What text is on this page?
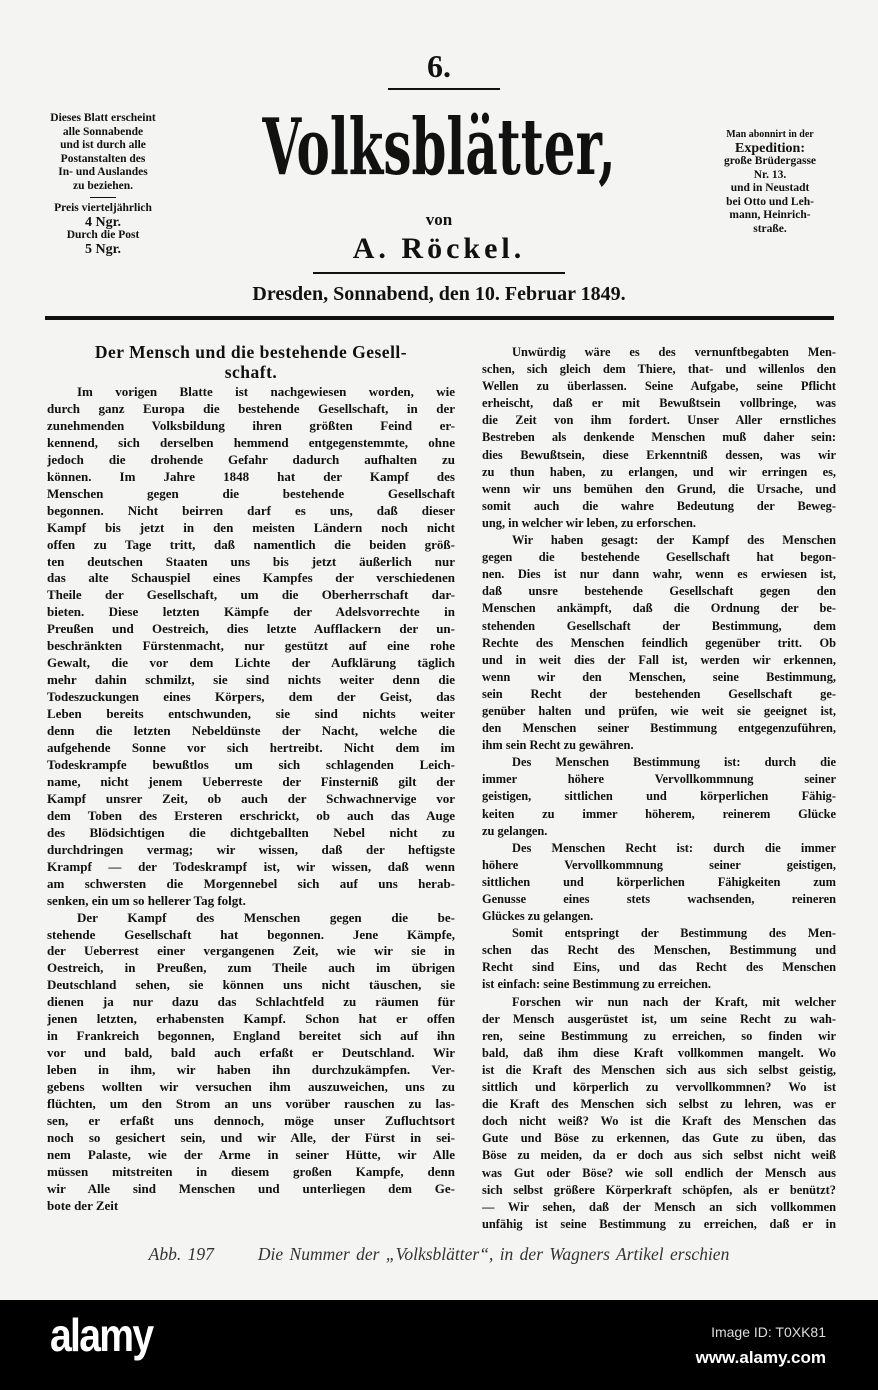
6.
Volksblätter,
von
A. Röckel.
Dresden, Sonnabend, den 10. Februar 1849.
Dieses Blatt erscheint
alle Sonnabende
und ist durch alle
Postanstalten des
In- und Auslandes
zu beziehen.
Preis vierteljährlich
4 Ngr.
Durch die Post
5 Ngr.
Man abonnirt in der
Expedition:
große Brüdergasse
Nr. 13.
und in Neustadt
bei Otto und Leh-
mann, Heinrich-
straße.
Der Mensch und die bestehende Gesell-
schaft.
Im vorigen Blatte ist nachgewiesen worden, wie
durch ganz Europa die bestehende Gesellschaft, in der
zunehmenden Volksbildung ihren größten Feind er-
kennend, sich derselben hemmend entgegenstemmte, ohne
jedoch die drohende Gefahr dadurch aufhalten zu
können. Im Jahre 1848 hat der Kampf des
Menschen gegen die bestehende Gesellschaft
begonnen. Nicht beirren darf es uns, daß dieser
Kampf bis jetzt in den meisten Ländern noch nicht
offen zu Tage tritt, daß namentlich die beiden größ-
ten deutschen Staaten uns bis jetzt äußerlich nur
das alte Schauspiel eines Kampfes der verschiedenen
Theile der Gesellschaft, um die Oberherrschaft dar-
bieten. Diese letzten Kämpfe der Adelsvorrechte in
Preußen und Oestreich, dies letzte Aufflackern der un-
beschränkten Fürstenmacht, nur gestützt auf eine rohe
Gewalt, die vor dem Lichte der Aufklärung täglich
mehr dahin schmilzt, sie sind nichts weiter denn die
Todeszuckungen eines Körpers, dem der Geist, das
Leben bereits entschwunden, sie sind nichts weiter
denn die letzten Nebeldünste der Nacht, welche die
aufgehende Sonne vor sich hertreibt. Nicht dem im
Todeskrampfe bewußtlos um sich schlagenden Leich-
name, nicht jenem Ueberreste der Finsterniß gilt der
Kampf unsrer Zeit, ob auch der Schwachnervige vor
dem Toben des Ersteren erschrickt, ob auch das Auge
des Blödsichtigen die dichtgeballten Nebel nicht zu
durchdringen vermag; wir wissen, daß der heftigste
Krampf — der Todeskrampf ist, wir wissen, daß wenn
am schwersten die Morgennebel sich auf uns herab-
senken, ein um so hellerer Tag folgt.
Der Kampf des Menschen gegen die be-
stehende Gesellschaft hat begonnen. Jene Kämpfe,
der Ueberrest einer vergangenen Zeit, wie wir sie in
Oestreich, in Preußen, zum Theile auch im übrigen
Deutschland sehen, sie können uns nicht täuschen, sie
dienen ja nur dazu das Schlachtfeld zu räumen für
jenen letzten, erhabensten Kampf. Schon hat er offen
in Frankreich begonnen, England bereitet sich auf ihn
vor und bald, bald auch erfaßt er Deutschland. Wir
leben in ihm, wir haben ihn durchzukämpfen. Ver-
gebens wollten wir versuchen ihm auszuweichen, uns zu
flüchten, um den Strom an uns vorüber rauschen zu las-
sen, er erfaßt uns dennoch, möge unser Zufluchtsort
noch so gesichert sein, und wir Alle, der Fürst in sei-
nem Palaste, wie der Arme in seiner Hütte, wir Alle
müssen mitstreiten in diesem großen Kampfe, denn
wir Alle sind Menschen und unterliegen dem Ge-
bote der Zeit
Unwürdig wäre es des vernunftbegabten Men-
schen, sich gleich dem Thiere, that- und willenlos den
Wellen zu überlassen. Seine Aufgabe, seine Pflicht
erheischt, daß er mit Bewußtsein vollbringe, was
die Zeit von ihm fordert. Unser Aller ernstliches
Bestreben als denkende Menschen muß daher sein:
dies Bewußtsein, diese Erkenntniß dessen, was wir
zu thun haben, zu erlangen, und wir erringen es,
wenn wir uns bemühen den Grund, die Ursache, und
somit auch die wahre Bedeutung der Beweg-
ung, in welcher wir leben, zu erforschen.
Wir haben gesagt: der Kampf des Menschen
gegen die bestehende Gesellschaft hat begon-
nen. Dies ist nur dann wahr, wenn es erwiesen ist,
daß unsre bestehende Gesellschaft gegen den
Menschen ankämpft, daß die Ordnung der be-
stehenden Gesellschaft der Bestimmung, dem
Rechte des Menschen feindlich gegenüber tritt. Ob
und in weit dies der Fall ist, werden wir erkennen,
wenn wir den Menschen, seine Bestimmung,
sein Recht der bestehenden Gesellschaft ge-
genüber halten und prüfen, wie weit sie geeignet ist,
den Menschen seiner Bestimmung entgegenzuführen,
ihm sein Recht zu gewähren.
Des Menschen Bestimmung ist: durch die
immer höhere Vervollkommnung seiner
geistigen, sittlichen und körperlichen Fähig-
keiten zu immer höherem, reinerem Glücke
zu gelangen.
Des Menschen Recht ist: durch die immer
höhere Vervollkommnung seiner geistigen,
sittlichen und körperlichen Fähigkeiten zum
Genusse eines stets wachsenden, reineren
Glückes zu gelangen.
Somit entspringt der Bestimmung des Men-
schen das Recht des Menschen, Bestimmung und
Recht sind Eins, und das Recht des Menschen
ist einfach: seine Bestimmung zu erreichen.
Forschen wir nun nach der Kraft, mit welcher
der Mensch ausgerüstet ist, um seine Recht zu wah-
ren, seine Bestimmung zu erreichen, so finden wir
bald, daß ihm diese Kraft vollkommen mangelt. Wo
ist die Kraft des Menschen sich aus sich selbst geistig,
sittlich und körperlich zu vervollkommnen? Wo ist
die Kraft des Menschen sich selbst zu lehren, was er
doch nicht weiß? Wo ist die Kraft des Menschen das
Gute und Böse zu erkennen, das Gute zu üben, das
Böse zu meiden, da er doch aus sich selbst nicht weiß
was Gut oder Böse? wie soll endlich der Mensch aus
sich selbst größere Körperkraft schöpfen, als er benützt?
— Wir sehen, daß der Mensch an sich vollkommen
unfähig ist seine Bestimmung zu erreichen, daß er in
Abb. 197	Die Nummer der „Volksblätter“, in der Wagners Artikel erschien
alamy	Image ID: T0XK81
www.alamy.com
